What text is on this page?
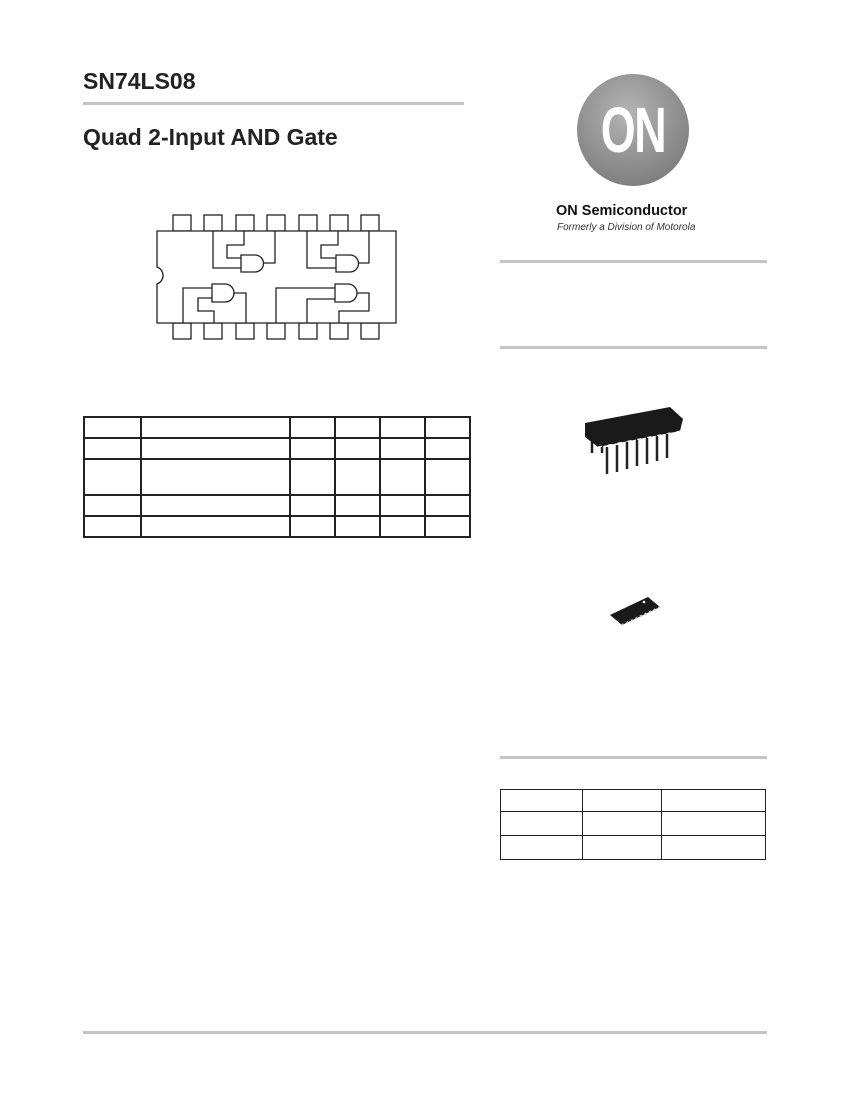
SN74LS08
Quad 2-Input AND Gate

						ON
ON Semiconductor
Formerly a Division of Motorola
